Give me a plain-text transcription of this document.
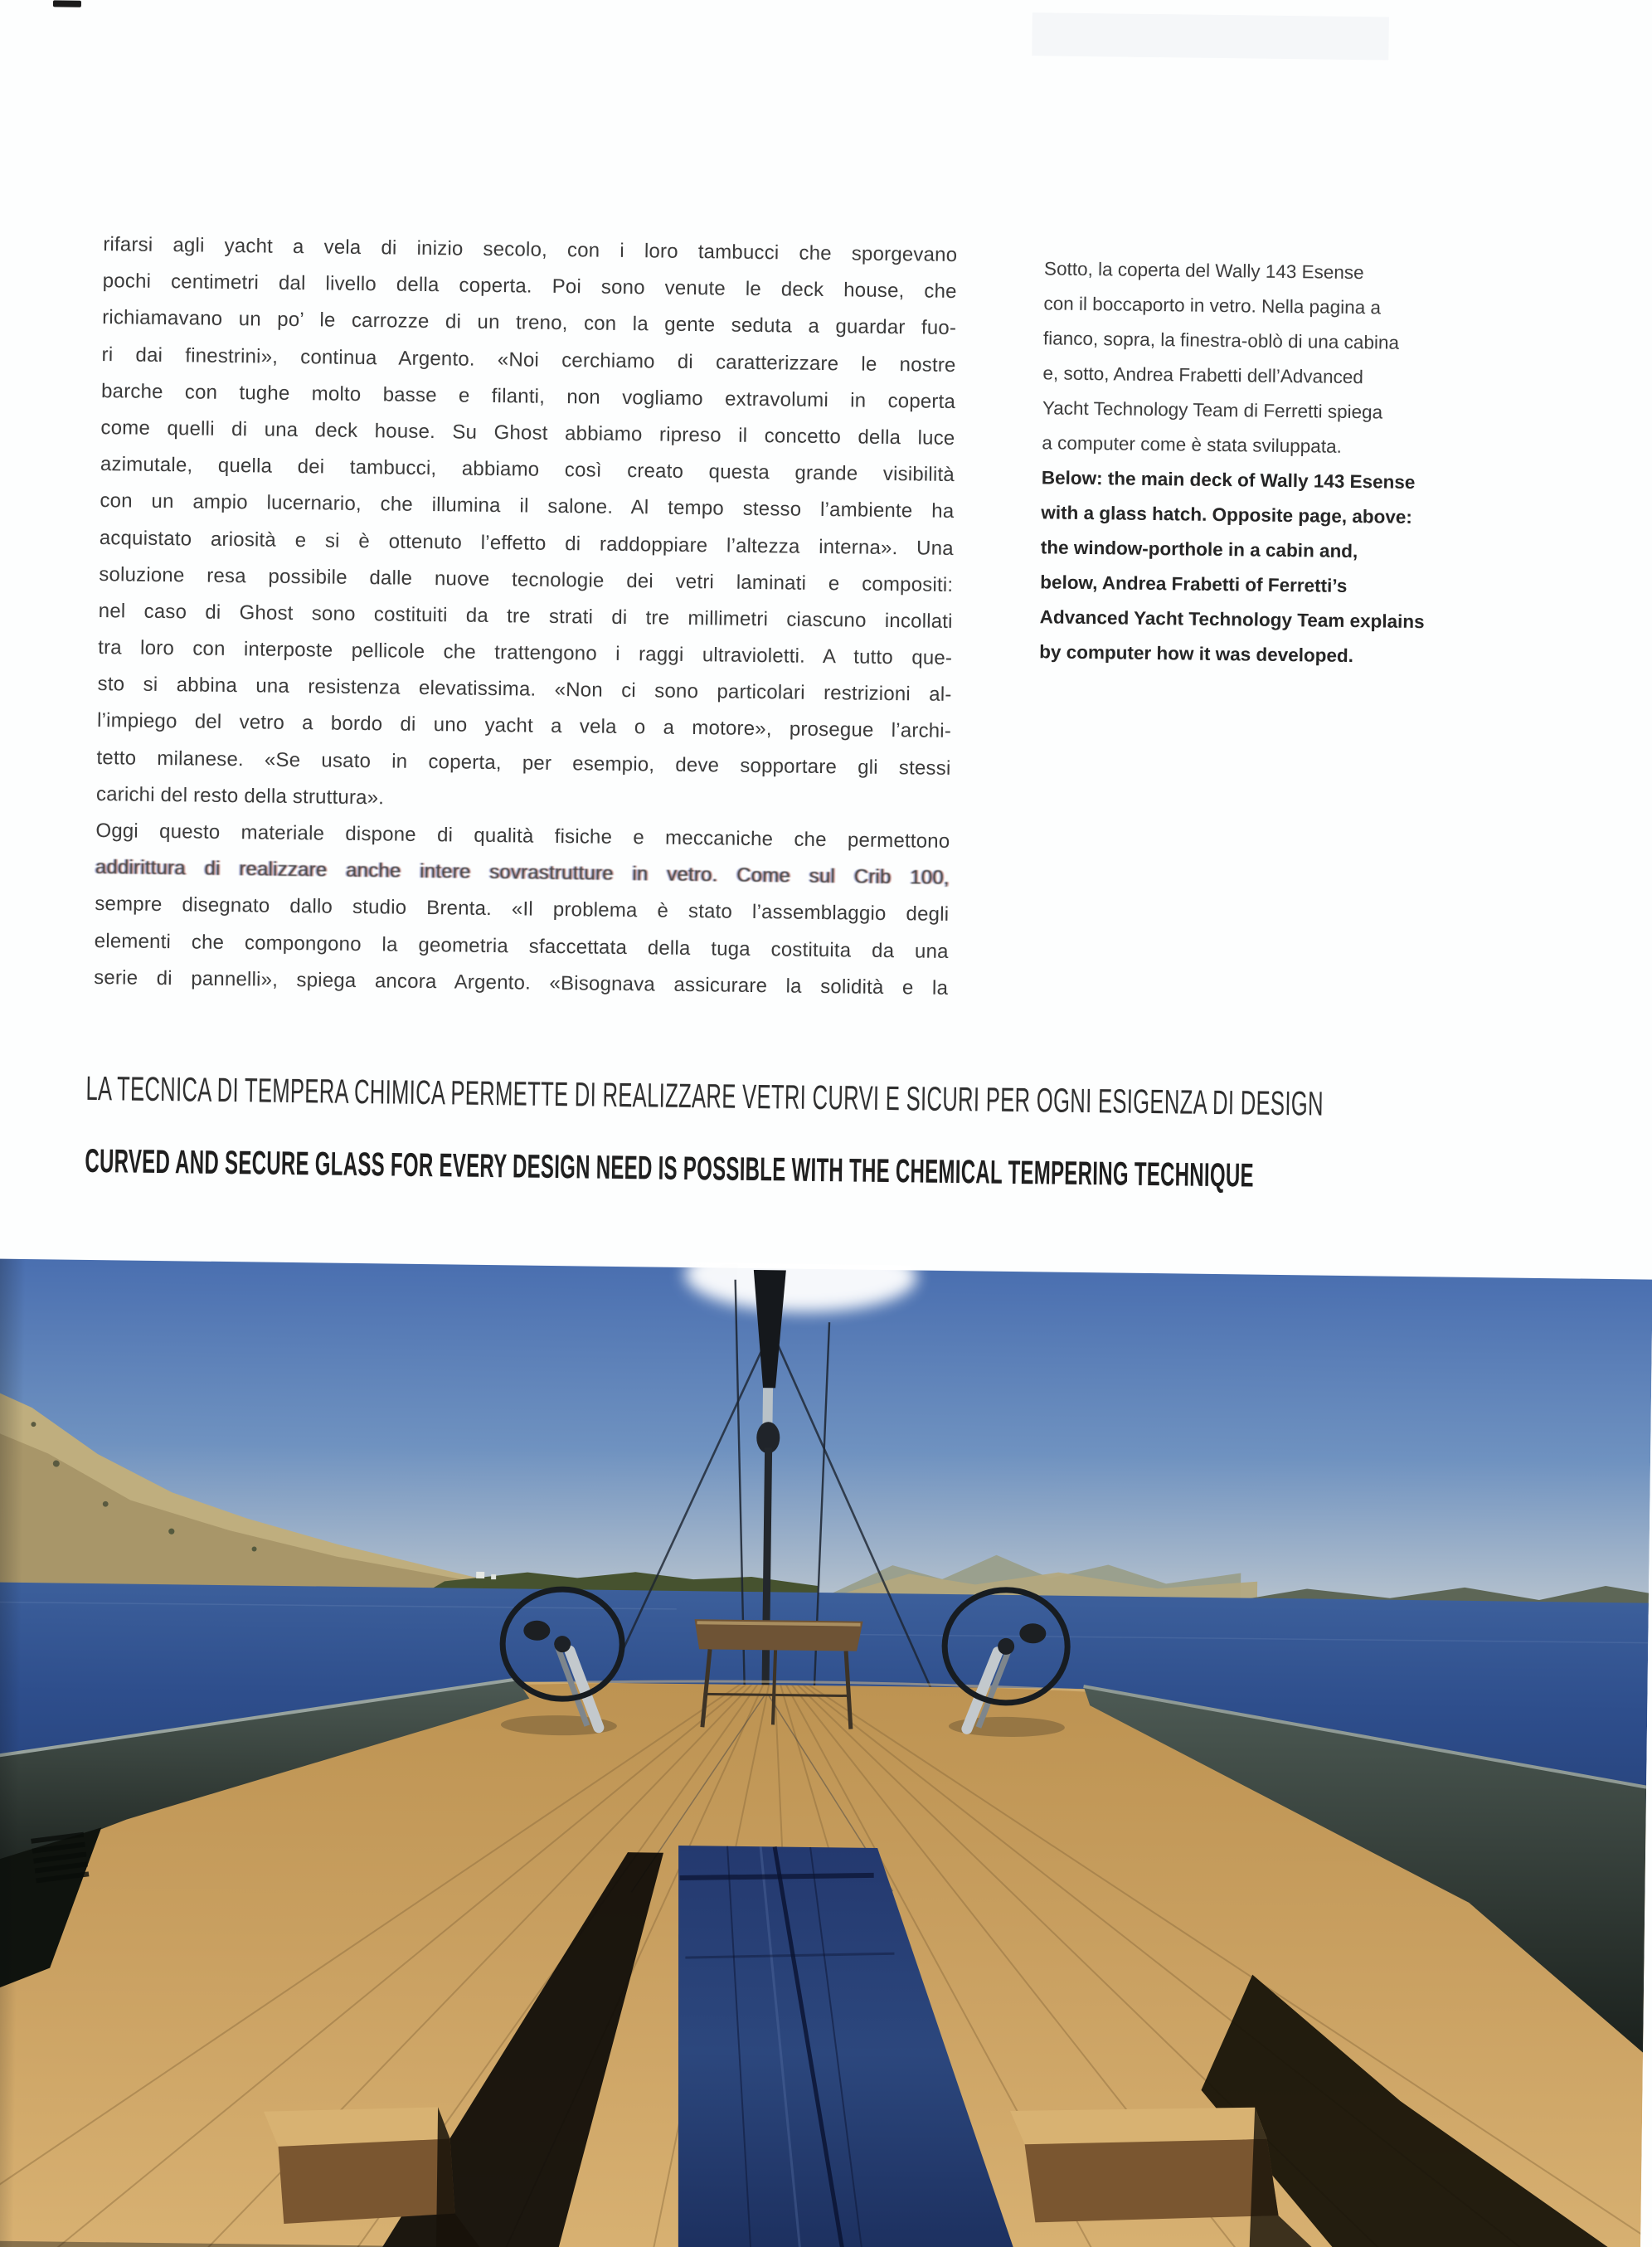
rifarsi agli yacht a vela di inizio secolo, con i loro tambucci che sporgevano
pochi centimetri dal livello della coperta. Poi sono venute le deck house, che
richiamavano un po’ le carrozze di un treno, con la gente seduta a guardar fuo-
ri dai finestrini», continua Argento. «Noi cerchiamo di caratterizzare le nostre
barche con tughe molto basse e filanti, non vogliamo extravolumi in coperta
come quelli di una deck house. Su Ghost abbiamo ripreso il concetto della luce
azimutale, quella dei tambucci, abbiamo così creato questa grande visibilità
con un ampio lucernario, che illumina il salone. Al tempo stesso l’ambiente ha
acquistato ariosità e si è ottenuto l’effetto di raddoppiare l’altezza interna». Una
soluzione resa possibile dalle nuove tecnologie dei vetri laminati e compositi:
nel caso di Ghost sono costituiti da tre strati di tre millimetri ciascuno incollati
tra loro con interposte pellicole che trattengono i raggi ultravioletti. A tutto que-
sto si abbina una resistenza elevatissima. «Non ci sono particolari restrizioni al-
l’impiego del vetro a bordo di uno yacht a vela o a motore», prosegue l’archi-
tetto milanese. «Se usato in coperta, per esempio, deve sopportare gli stessi
carichi del resto della struttura».
Oggi questo materiale dispone di qualità fisiche e meccaniche che permettono
addirittura di realizzare anche intere sovrastrutture in vetro. Come sul Crib 100,
sempre disegnato dallo studio Brenta. «Il problema è stato l’assemblaggio degli
elementi che compongono la geometria sfaccettata della tuga costituita da una
serie di pannelli», spiega ancora Argento. «Bisognava assicurare la solidità e la
Sotto, la coperta del Wally 143 Esense
con il boccaporto in vetro. Nella pagina a
fianco, sopra, la finestra-oblò di una cabina
e, sotto, Andrea Frabetti dell’Advanced
Yacht Technology Team di Ferretti spiega
a computer come è stata sviluppata.
Below: the main deck of Wally 143 Esense
with a glass hatch. Opposite page, above:
the window-porthole in a cabin and,
below, Andrea Frabetti of Ferretti’s
Advanced Yacht Technology Team explains
by computer how it was developed.
LA TECNICA DI TEMPERA CHIMICA PERMETTE DI REALIZZARE VETRI CURVI E SICURI PER OGNI ESIGENZA DI DESIGN
CURVED AND SECURE GLASS FOR EVERY DESIGN NEED IS POSSIBLE WITH THE CHEMICAL TEMPERING TECHNIQUE
